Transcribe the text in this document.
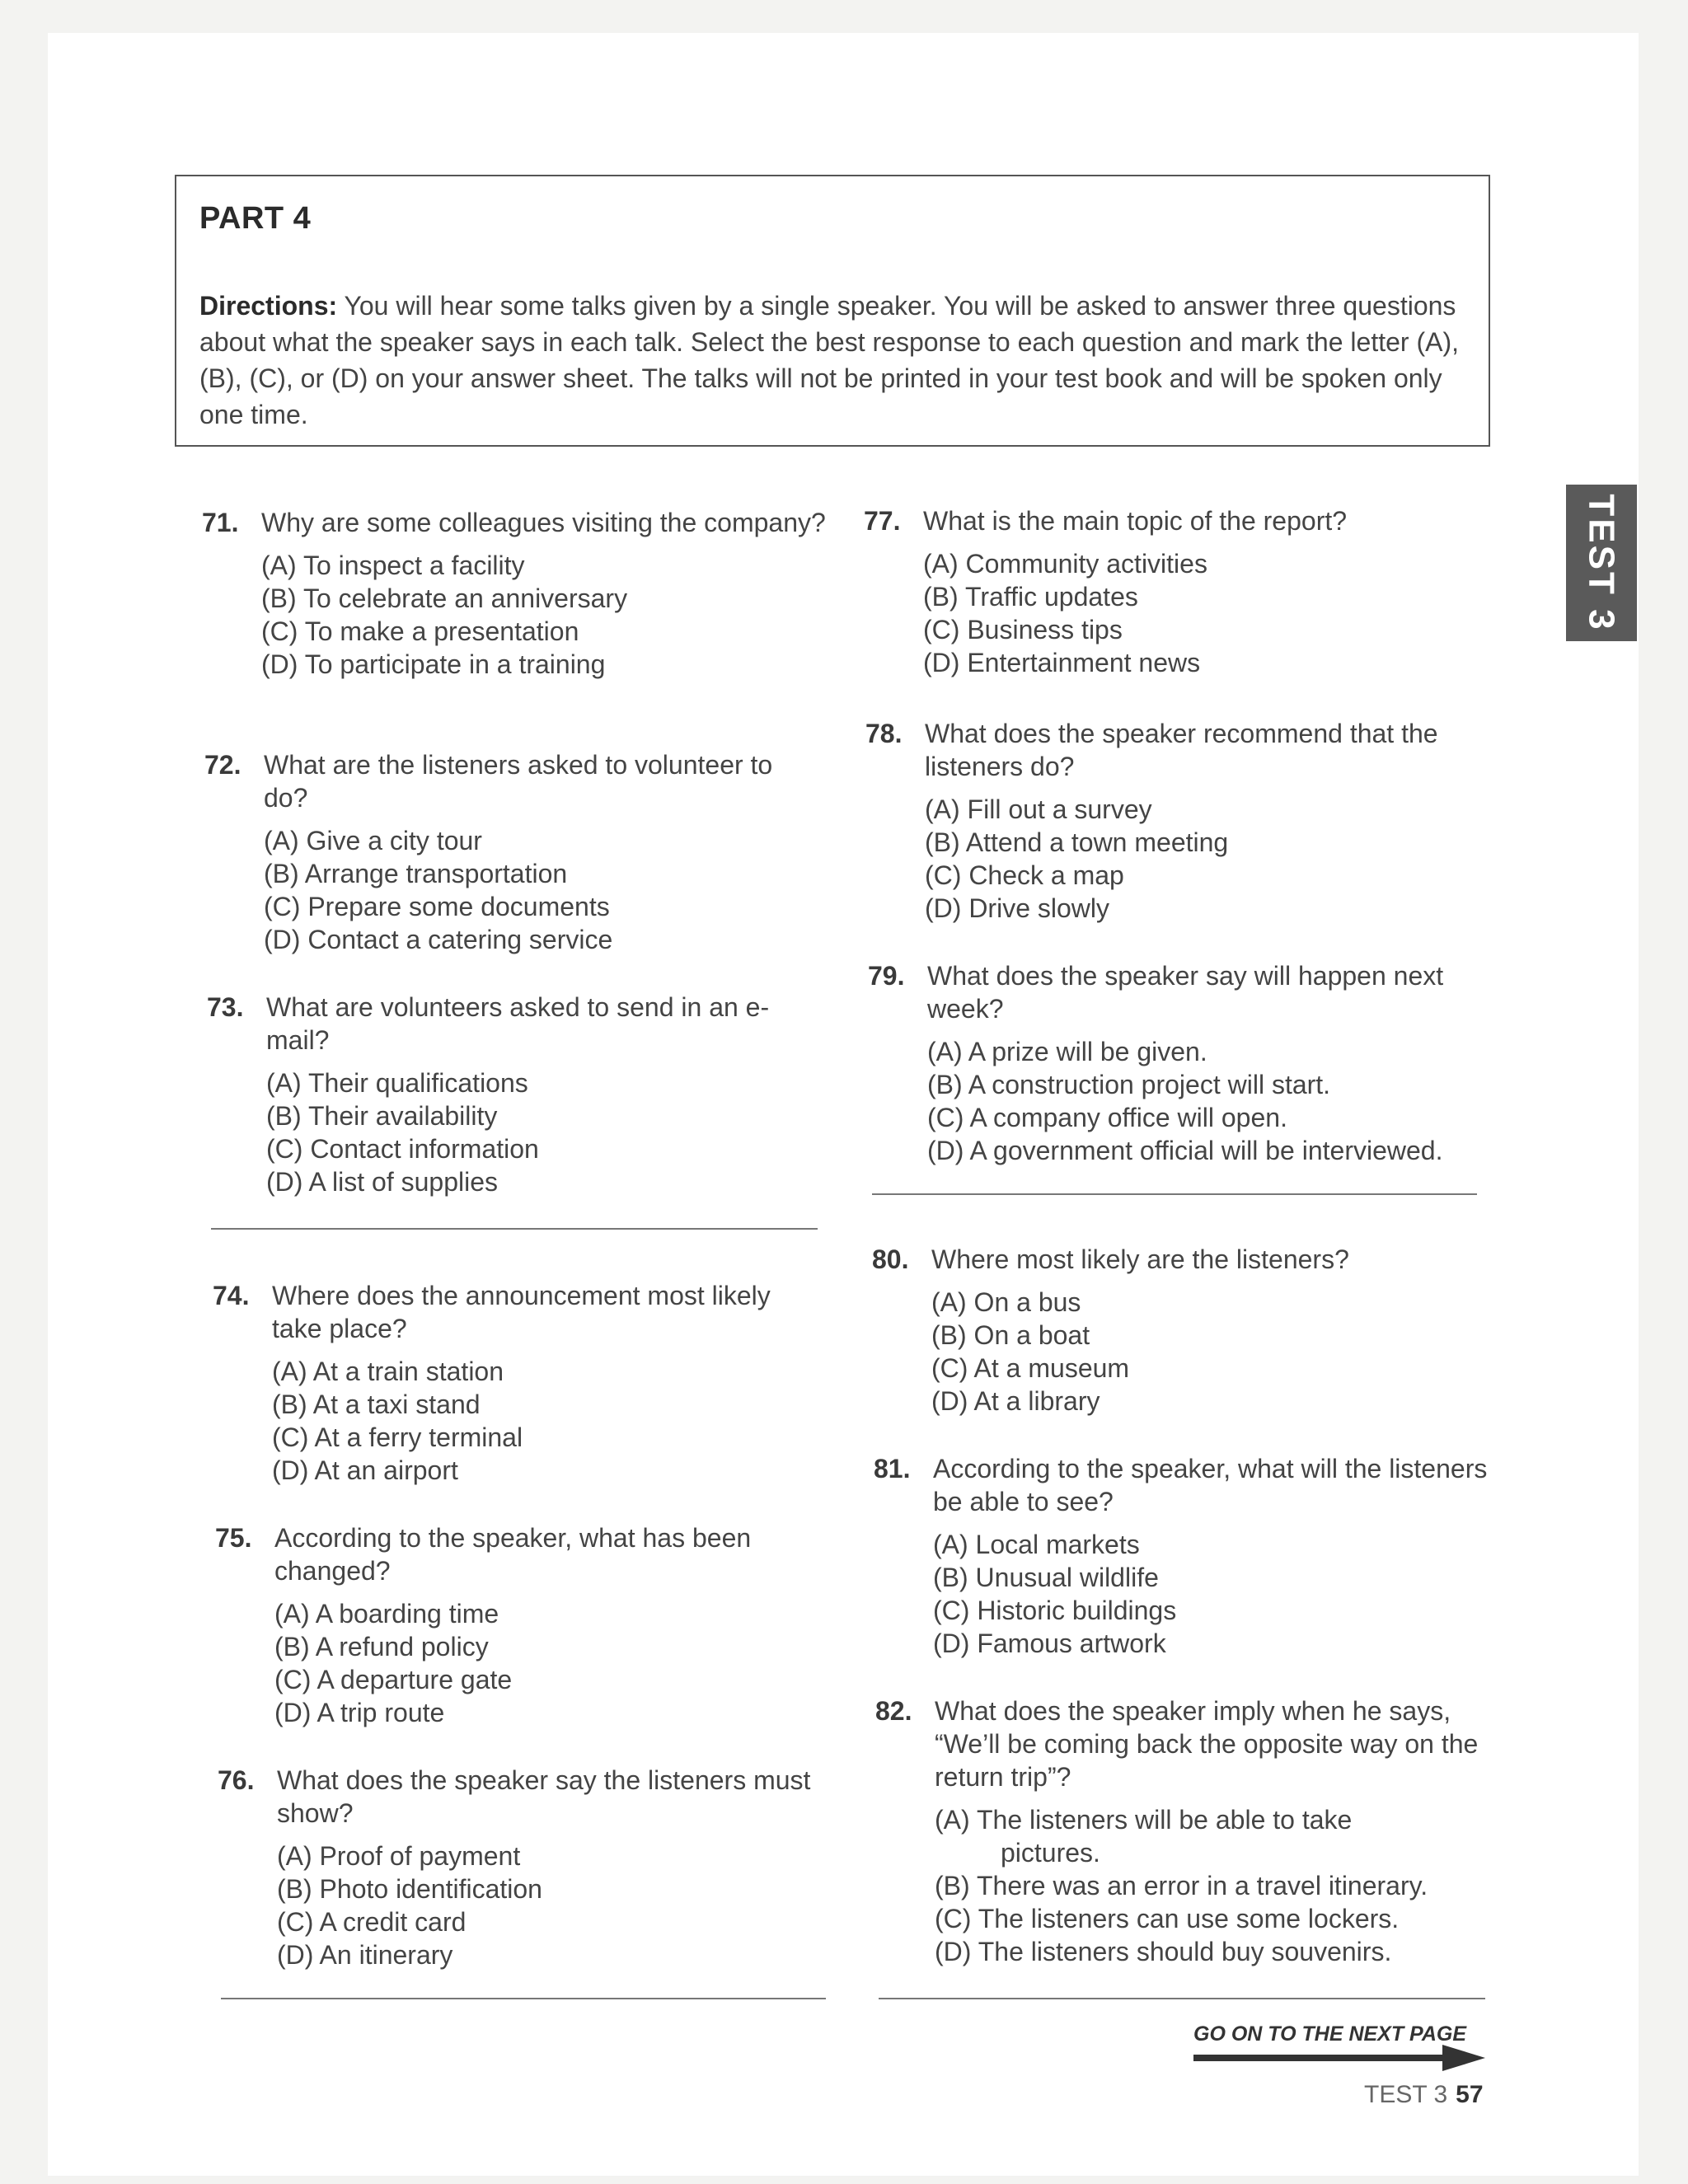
PART 4

Directions: You will hear some talks given by a single speaker. You will be asked to answer three questions about what the speaker says in each talk. Select the best response to each question and mark the letter (A), (B), (C), or (D) on your answer sheet. The talks will not be printed in your test book and will be spoken only one time.

TEST 3
71. Why are some colleagues visiting the company?
(A) To inspect a facility
(B) To celebrate an anniversary
(C) To make a presentation
(D) To participate in a training
72. What are the listeners asked to volunteer to do?
(A) Give a city tour
(B) Arrange transportation
(C) Prepare some documents
(D) Contact a catering service
73. What are volunteers asked to send in an e-mail?
(A) Their qualifications
(B) Their availability
(C) Contact information
(D) A list of supplies
74. Where does the announcement most likely take place?
(A) At a train station
(B) At a taxi stand
(C) At a ferry terminal
(D) At an airport
75. According to the speaker, what has been changed?
(A) A boarding time
(B) A refund policy
(C) A departure gate
(D) A trip route
76. What does the speaker say the listeners must show?
(A) Proof of payment
(B) Photo identification
(C) A credit card
(D) An itinerary
77. What is the main topic of the report?
(A) Community activities
(B) Traffic updates
(C) Business tips
(D) Entertainment news
78. What does the speaker recommend that the listeners do?
(A) Fill out a survey
(B) Attend a town meeting
(C) Check a map
(D) Drive slowly
79. What does the speaker say will happen next week?
(A) A prize will be given.
(B) A construction project will start.
(C) A company office will open.
(D) A government official will be interviewed.
80. Where most likely are the listeners?
(A) On a bus
(B) On a boat
(C) At a museum
(D) At a library
81. According to the speaker, what will the listeners be able to see?
(A) Local markets
(B) Unusual wildlife
(C) Historic buildings
(D) Famous artwork
82. What does the speaker imply when he says, “We’ll be coming back the opposite way on the return trip”?
(A) The listeners will be able to take
pictures.
(B) There was an error in a travel itinerary.
(C) The listeners can use some lockers.
(D) The listeners should buy souvenirs.
GO ON TO THE NEXT PAGE
TEST 3 57
